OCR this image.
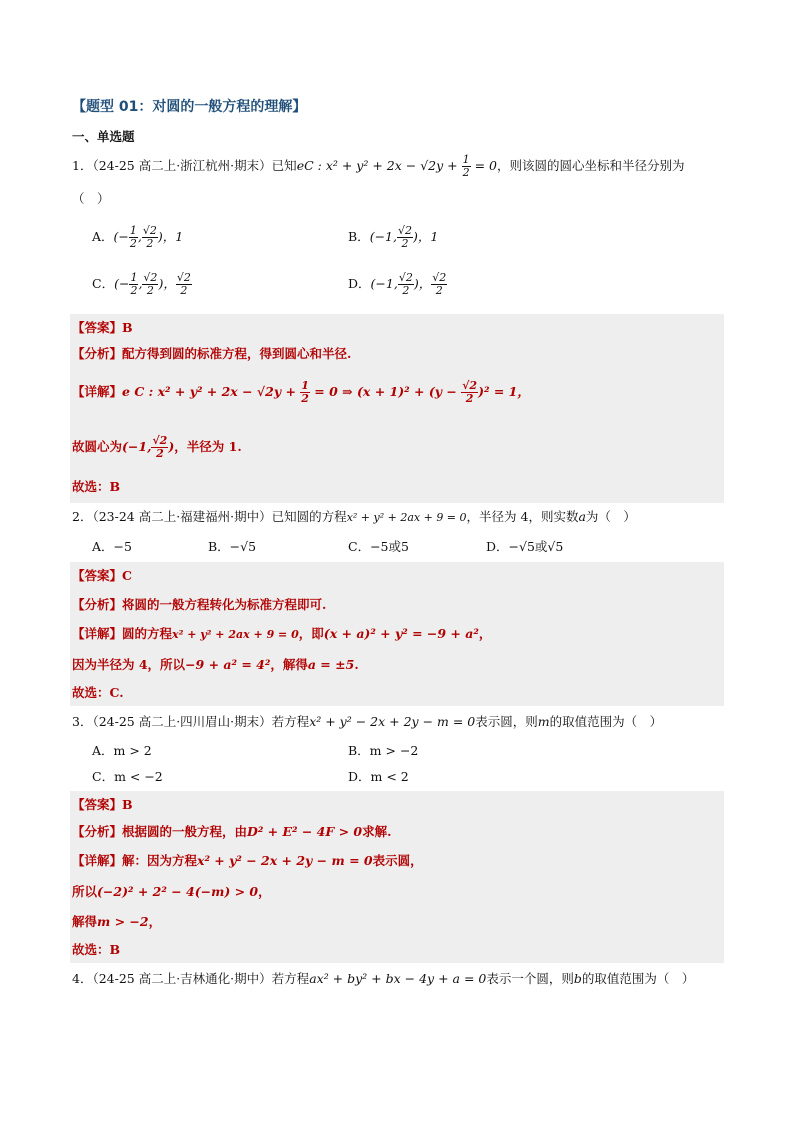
【题型 01：对圆的一般方程的理解】
一、单选题
1．（24-25 高二上·浙江杭州·期末）已知eC : $x^2 + y^2 + 2x - √2y + \frac{1}{2} = 0$，则该圆的圆心坐标和半径分别为
（　）
A．(− $\frac{1}{2}$ , $\frac{√2}{2}$ )，1	B．(−1, $\frac{√2}{2}$ )，1
C．(− $\frac{1}{2}$ , $\frac{√2}{2}$ )， $\frac{√2}{2}$	D．(−1, $\frac{√2}{2}$ )， $\frac{√2}{2}$
【答案】B
【分析】配方得到圆的标准方程，得到圆心和半径.
【详解】e C : $x^2 + y^2 + 2x - √2y + \frac{1}{2} = 0$ ⇒ $(x + 1)^2 + (y - \frac{√2}{2} )^2 = 1$，
故圆心为(−1, $\frac{√2}{2}$ )，半径为 1.
故选：B
2．（23-24 高二上·福建福州·期中）已知圆的方程x² + y² + 2ax + 9 = 0，半径为 4，则实数a为（　）
A．−5	B．−√5	C．−5或5	D．−√5或√5
【答案】C
【分析】将圆的一般方程转化为标准方程即可.
【详解】圆的方程x² + y² + 2ax + 9 = 0，即(x + a)² + y² = −9 + a²，
因为半径为 4，所以−9 + a² = 4²，解得a = ±5.
故选：C.
3．（24-25 高二上·四川眉山·期末）若方程x² + y² − 2x + 2y − m = 0表示圆，则m的取值范围为（　）
A．m > 2	B．m > −2
C．m < −2	D．m < 2
【答案】B
【分析】根据圆的一般方程，由D² + E² − 4F > 0求解.
【详解】解：因为方程x² + y² − 2x + 2y − m = 0表示圆，
所以(−2)² + 2² − 4(−m) > 0，
解得m > −2，
故选：B
4．（24-25 高二上·吉林通化·期中）若方程ax² + by² + bx − 4y + a = 0表示一个圆，则b的取值范围为（　）
